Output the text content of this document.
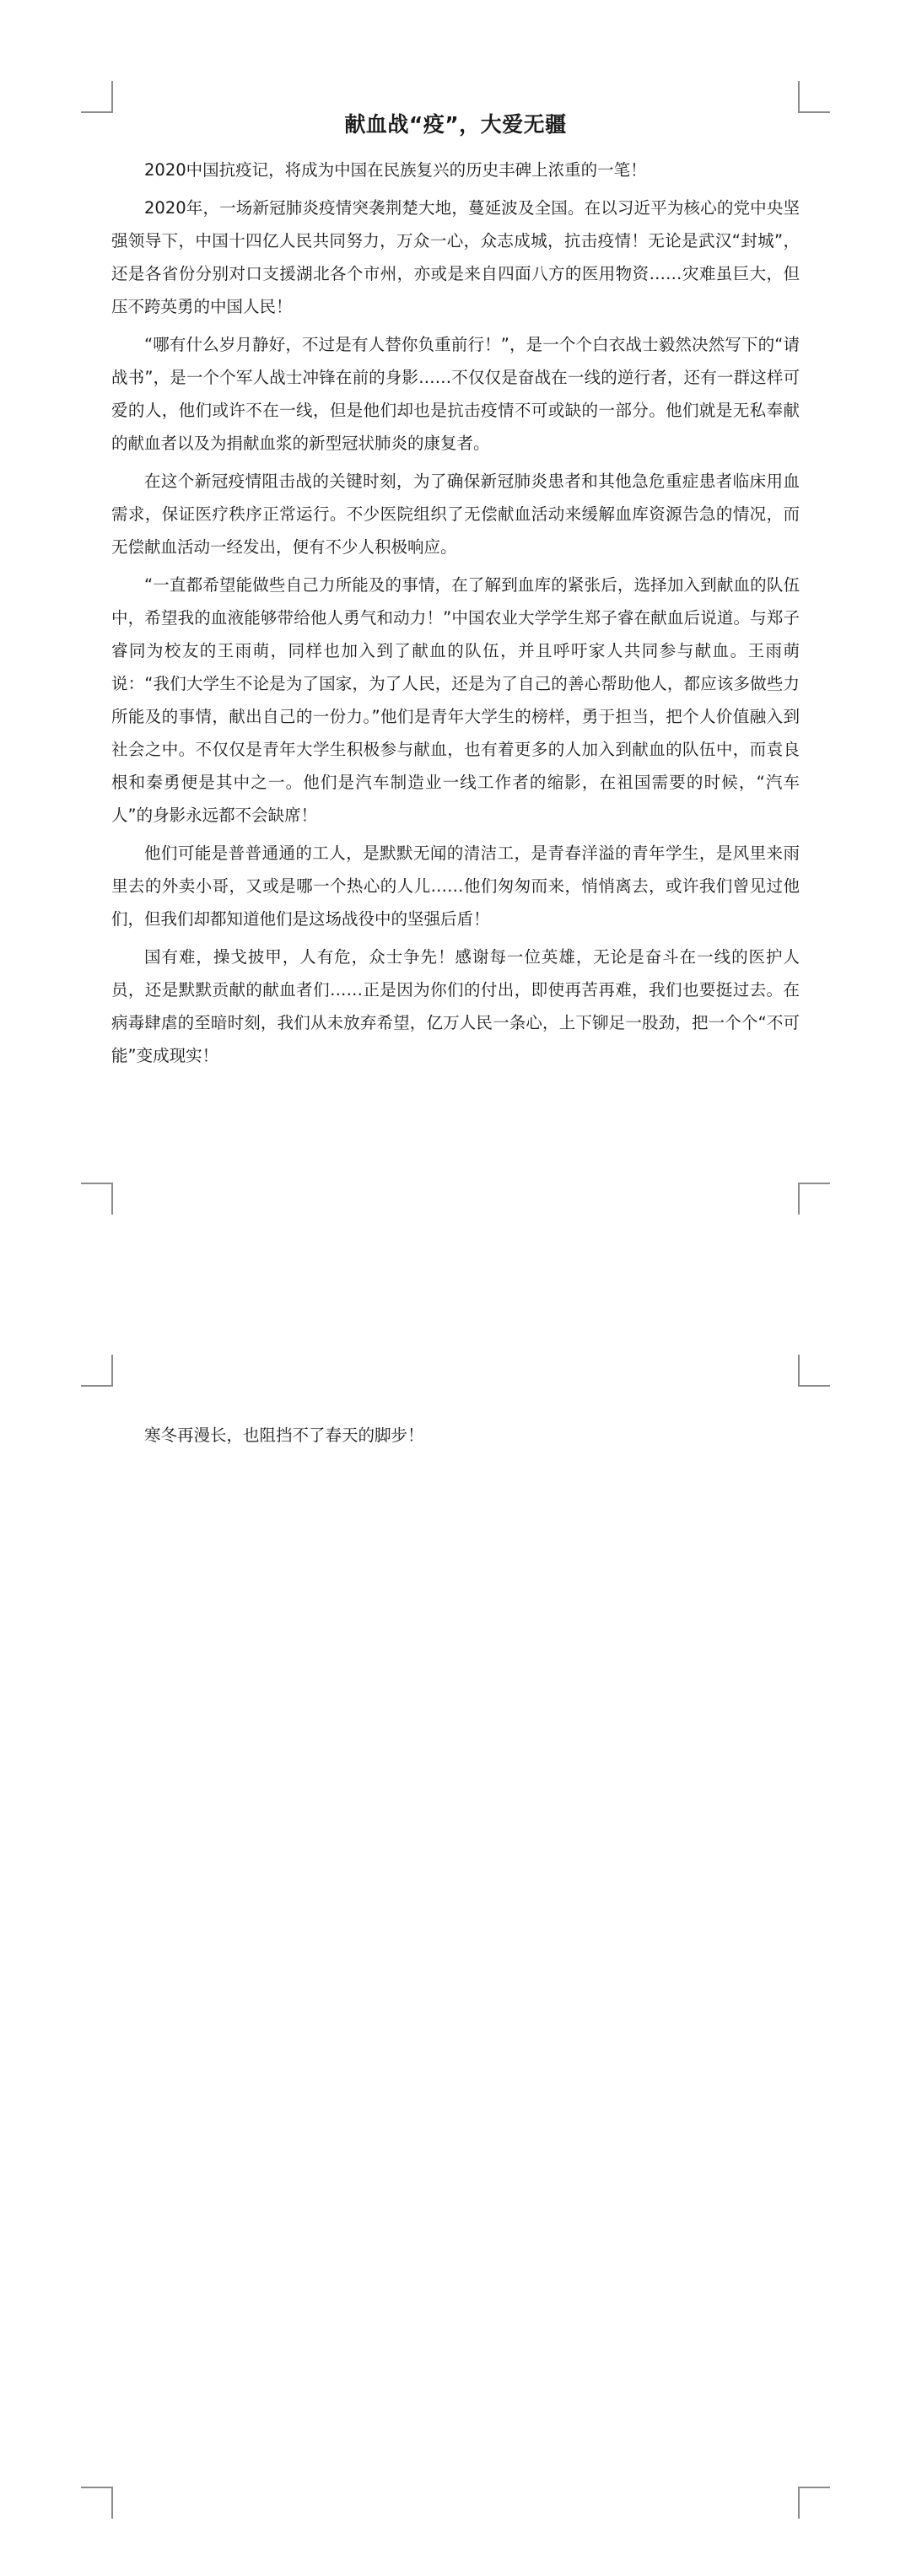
献血战“疫”，大爱无疆

2020中国抗疫记，将成为中国在民族复兴的历史丰碑上浓重的一笔！

2020年，一场新冠肺炎疫情突袭荆楚大地，蔓延波及全国。在以习近平为核心的党中央坚强领导下，中国十四亿人民共同努力，万众一心，众志成城，抗击疫情！无论是武汉“封城”，还是各省份分别对口支援湖北各个市州，亦或是来自四面八方的医用物资……灾难虽巨大，但压不跨英勇的中国人民！

“哪有什么岁月静好，不过是有人替你负重前行！”，是一个个白衣战士毅然决然写下的“请战书”，是一个个军人战士冲锋在前的身影……不仅仅是奋战在一线的逆行者，还有一群这样可爱的人，他们或许不在一线，但是他们却也是抗击疫情不可或缺的一部分。他们就是无私奉献的献血者以及为捐献血浆的新型冠状肺炎的康复者。

在这个新冠疫情阻击战的关键时刻，为了确保新冠肺炎患者和其他急危重症患者临床用血需求，保证医疗秩序正常运行。不少医院组织了无偿献血活动来缓解血库资源告急的情况，而无偿献血活动一经发出，便有不少人积极响应。

“一直都希望能做些自己力所能及的事情，在了解到血库的紧张后，选择加入到献血的队伍中，希望我的血液能够带给他人勇气和动力！”中国农业大学学生郑子睿在献血后说道。与郑子睿同为校友的王雨萌，同样也加入到了献血的队伍，并且呼吁家人共同参与献血。王雨萌说：“我们大学生不论是为了国家，为了人民，还是为了自己的善心帮助他人，都应该多做些力所能及的事情，献出自己的一份力。”他们是青年大学生的榜样，勇于担当，把个人价值融入到社会之中。不仅仅是青年大学生积极参与献血，也有着更多的人加入到献血的队伍中，而袁良根和秦勇便是其中之一。他们是汽车制造业一线工作者的缩影，在祖国需要的时候，“汽车人”的身影永远都不会缺席！

他们可能是普普通通的工人，是默默无闻的清洁工，是青春洋溢的青年学生，是风里来雨里去的外卖小哥，又或是哪一个热心的人儿……他们匆匆而来，悄悄离去，或许我们曾见过他们，但我们却都知道他们是这场战役中的坚强后盾！

国有难，操戈披甲，人有危，众士争先！感谢每一位英雄，无论是奋斗在一线的医护人员，还是默默贡献的献血者们……正是因为你们的付出，即使再苦再难，我们也要挺过去。在病毒肆虐的至暗时刻，我们从未放弃希望，亿万人民一条心，上下铆足一股劲，把一个个“不可能”变成现实！

寒冬再漫长，也阻挡不了春天的脚步！
